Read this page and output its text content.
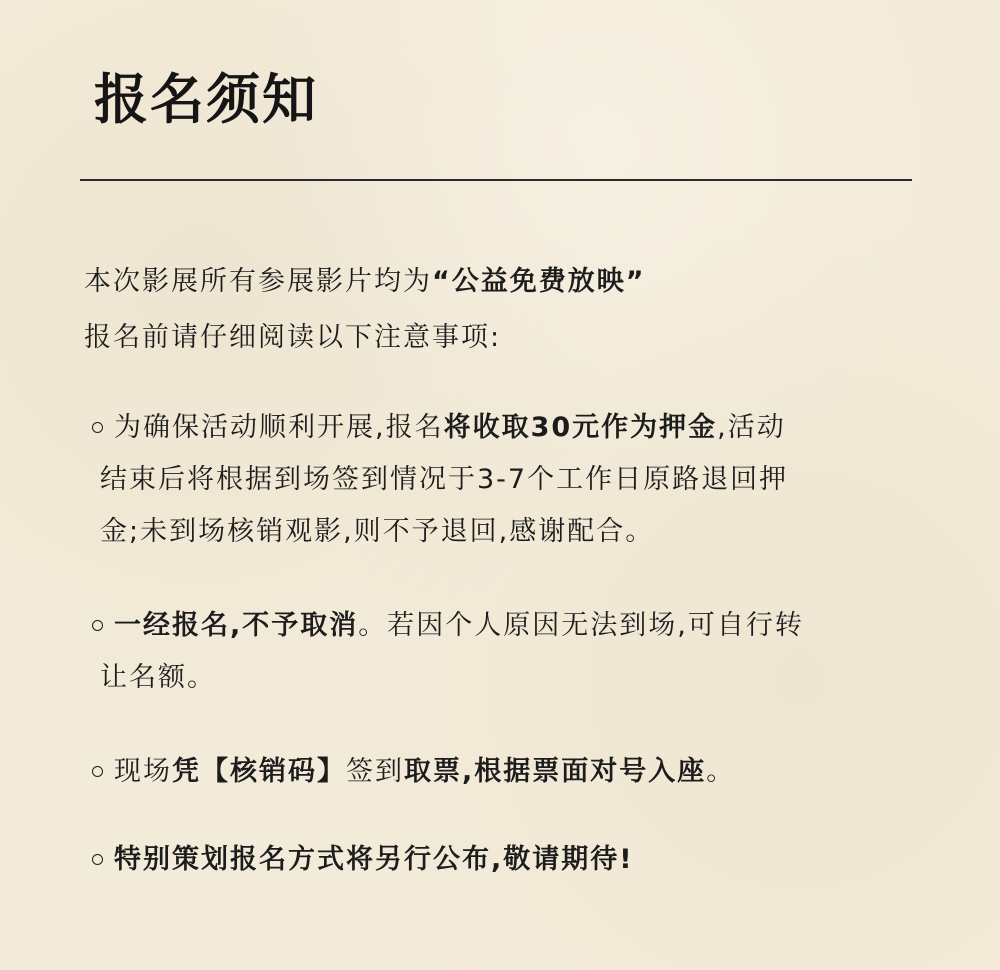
报名须知
本次影展所有参展影片均为“公益免费放映”
报名前请仔细阅读以下注意事项:
为确保活动顺利开展,报名将收取30元作为押金,活动
结束后将根据到场签到情况于3-7个工作日原路退回押
金;未到场核销观影,则不予退回,感谢配合。
一经报名,不予取消。若因个人原因无法到场,可自行转
让名额。
现场凭【核销码】签到取票,根据票面对号入座。
特别策划报名方式将另行公布,敬请期待!
